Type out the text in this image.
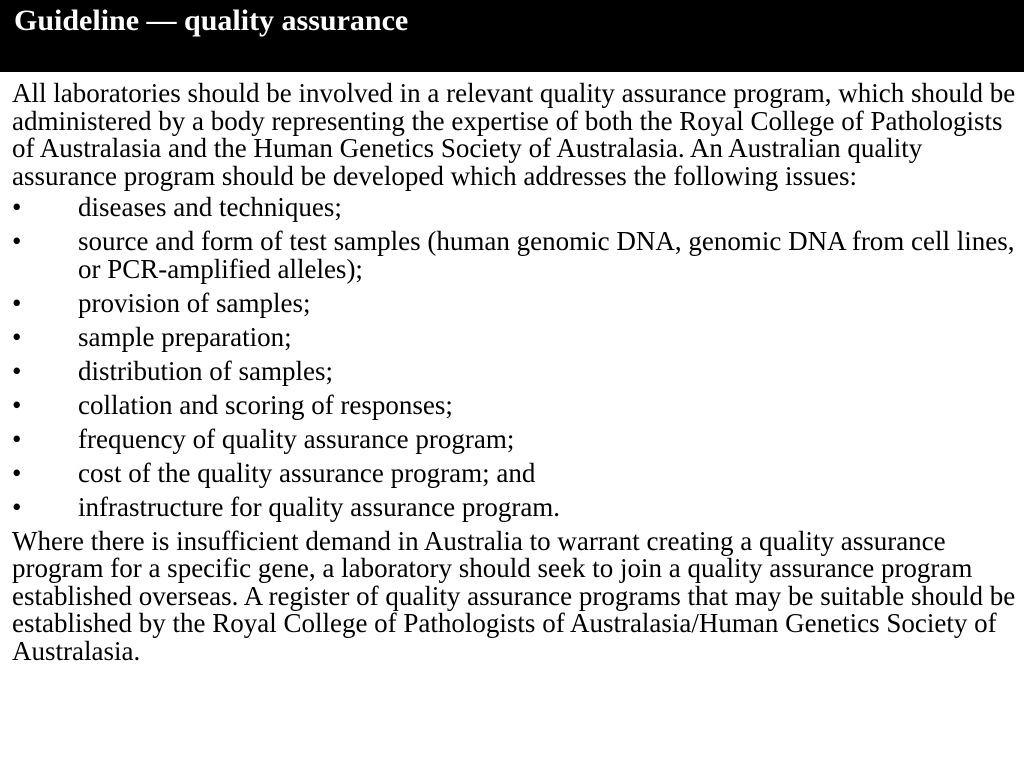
Guideline — quality assurance

All laboratories should be involved in a relevant quality assurance program, which should be administered by a body representing the expertise of both the Royal College of Pathologists of Australasia and the Human Genetics Society of Australasia. An Australian quality assurance program should be developed which addresses the following issues:

•	diseases and techniques;
•	source and form of test samples (human genomic DNA, genomic DNA from cell lines, or PCR-amplified alleles);
•	provision of samples;
•	sample preparation;
•	distribution of samples;
•	collation and scoring of responses;
•	frequency of quality assurance program;
•	cost of the quality assurance program; and
•	infrastructure for quality assurance program.

Where there is insufficient demand in Australia to warrant creating a quality assurance program for a specific gene, a laboratory should seek to join a quality assurance program established overseas. A register of quality assurance programs that may be suitable should be established by the Royal College of Pathologists of Australasia/Human Genetics Society of Australasia.
